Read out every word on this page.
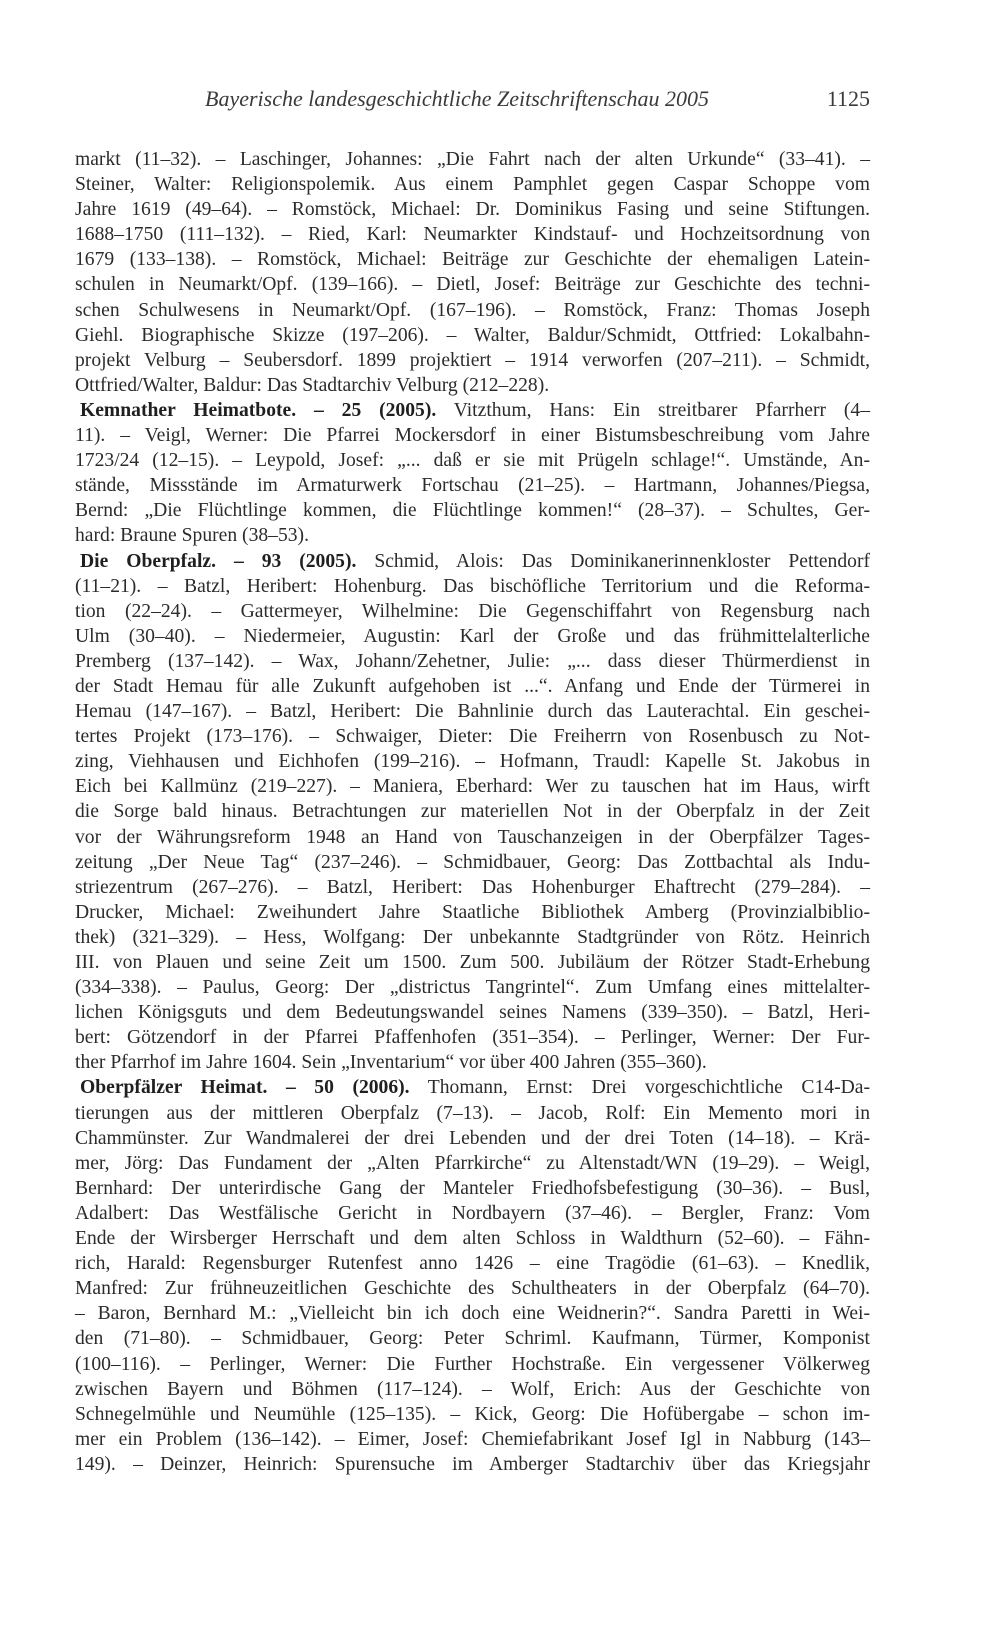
Bayerische landesgeschichtliche Zeitschriftenschau 2005	1125
markt (11–32). – Laschinger, Johannes: „Die Fahrt nach der alten Urkunde“ (33–41). –
Steiner, Walter: Religionspolemik. Aus einem Pamphlet gegen Caspar Schoppe vom
Jahre 1619 (49–64). – Romstöck, Michael: Dr. Dominikus Fasing und seine Stiftungen.
1688–1750 (111–132). – Ried, Karl: Neumarkter Kindstauf- und Hochzeitsordnung von
1679 (133–138). – Romstöck, Michael: Beiträge zur Geschichte der ehemaligen Latein-
schulen in Neumarkt/Opf. (139–166). – Dietl, Josef: Beiträge zur Geschichte des techni-
schen Schulwesens in Neumarkt/Opf. (167–196). – Romstöck, Franz: Thomas Joseph
Giehl. Biographische Skizze (197–206). – Walter, Baldur/Schmidt, Ottfried: Lokalbahn-
projekt Velburg – Seubersdorf. 1899 projektiert – 1914 verworfen (207–211). – Schmidt,
Ottfried/Walter, Baldur: Das Stadtarchiv Velburg (212–228).
Kemnather Heimatbote. – 25 (2005). Vitzthum, Hans: Ein streitbarer Pfarrherr (4–
11). – Veigl, Werner: Die Pfarrei Mockersdorf in einer Bistumsbeschreibung vom Jahre
1723/24 (12–15). – Leypold, Josef: „... daß er sie mit Prügeln schlage!“. Umstände, An-
stände, Missstände im Armaturwerk Fortschau (21–25). – Hartmann, Johannes/Piegsa,
Bernd: „Die Flüchtlinge kommen, die Flüchtlinge kommen!“ (28–37). – Schultes, Ger-
hard: Braune Spuren (38–53).
Die Oberpfalz. – 93 (2005). Schmid, Alois: Das Dominikanerinnenkloster Pettendorf
(11–21). – Batzl, Heribert: Hohenburg. Das bischöfliche Territorium und die Reforma-
tion (22–24). – Gattermeyer, Wilhelmine: Die Gegenschiffahrt von Regensburg nach
Ulm (30–40). – Niedermeier, Augustin: Karl der Große und das frühmittelalterliche
Premberg (137–142). – Wax, Johann/Zehetner, Julie: „... dass dieser Thürmerdienst in
der Stadt Hemau für alle Zukunft aufgehoben ist ...“. Anfang und Ende der Türmerei in
Hemau (147–167). – Batzl, Heribert: Die Bahnlinie durch das Lauterachtal. Ein geschei-
tertes Projekt (173–176). – Schwaiger, Dieter: Die Freiherrn von Rosenbusch zu Not-
zing, Viehhausen und Eichhofen (199–216). – Hofmann, Traudl: Kapelle St. Jakobus in
Eich bei Kallmünz (219–227). – Maniera, Eberhard: Wer zu tauschen hat im Haus, wirft
die Sorge bald hinaus. Betrachtungen zur materiellen Not in der Oberpfalz in der Zeit
vor der Währungsreform 1948 an Hand von Tauschanzeigen in der Oberpfälzer Tages-
zeitung „Der Neue Tag“ (237–246). – Schmidbauer, Georg: Das Zottbachtal als Indu-
striezentrum (267–276). – Batzl, Heribert: Das Hohenburger Ehaftrecht (279–284). –
Drucker, Michael: Zweihundert Jahre Staatliche Bibliothek Amberg (Provinzialbiblio-
thek) (321–329). – Hess, Wolfgang: Der unbekannte Stadtgründer von Rötz. Heinrich
III. von Plauen und seine Zeit um 1500. Zum 500. Jubiläum der Rötzer Stadt-Erhebung
(334–338). – Paulus, Georg: Der „districtus Tangrintel“. Zum Umfang eines mittelalter-
lichen Königsguts und dem Bedeutungswandel seines Namens (339–350). – Batzl, Heri-
bert: Götzendorf in der Pfarrei Pfaffenhofen (351–354). – Perlinger, Werner: Der Fur-
ther Pfarrhof im Jahre 1604. Sein „Inventarium“ vor über 400 Jahren (355–360).
Oberpfälzer Heimat. – 50 (2006). Thomann, Ernst: Drei vorgeschichtliche C14-Da-
tierungen aus der mittleren Oberpfalz (7–13). – Jacob, Rolf: Ein Memento mori in
Chammünster. Zur Wandmalerei der drei Lebenden und der drei Toten (14–18). – Krä-
mer, Jörg: Das Fundament der „Alten Pfarrkirche“ zu Altenstadt/WN (19–29). – Weigl,
Bernhard: Der unterirdische Gang der Manteler Friedhofsbefestigung (30–36). – Busl,
Adalbert: Das Westfälische Gericht in Nordbayern (37–46). – Bergler, Franz: Vom
Ende der Wirsberger Herrschaft und dem alten Schloss in Waldthurn (52–60). – Fähn-
rich, Harald: Regensburger Rutenfest anno 1426 – eine Tragödie (61–63). – Knedlik,
Manfred: Zur frühneuzeitlichen Geschichte des Schultheaters in der Oberpfalz (64–70).
– Baron, Bernhard M.: „Vielleicht bin ich doch eine Weidnerin?“. Sandra Paretti in Wei-
den (71–80). – Schmidbauer, Georg: Peter Schriml. Kaufmann, Türmer, Komponist
(100–116). – Perlinger, Werner: Die Further Hochstraße. Ein vergessener Völkerweg
zwischen Bayern und Böhmen (117–124). – Wolf, Erich: Aus der Geschichte von
Schnegelmühle und Neumühle (125–135). – Kick, Georg: Die Hofübergabe – schon im-
mer ein Problem (136–142). – Eimer, Josef: Chemiefabrikant Josef Igl in Nabburg (143–
149). – Deinzer, Heinrich: Spurensuche im Amberger Stadtarchiv über das Kriegsjahr
